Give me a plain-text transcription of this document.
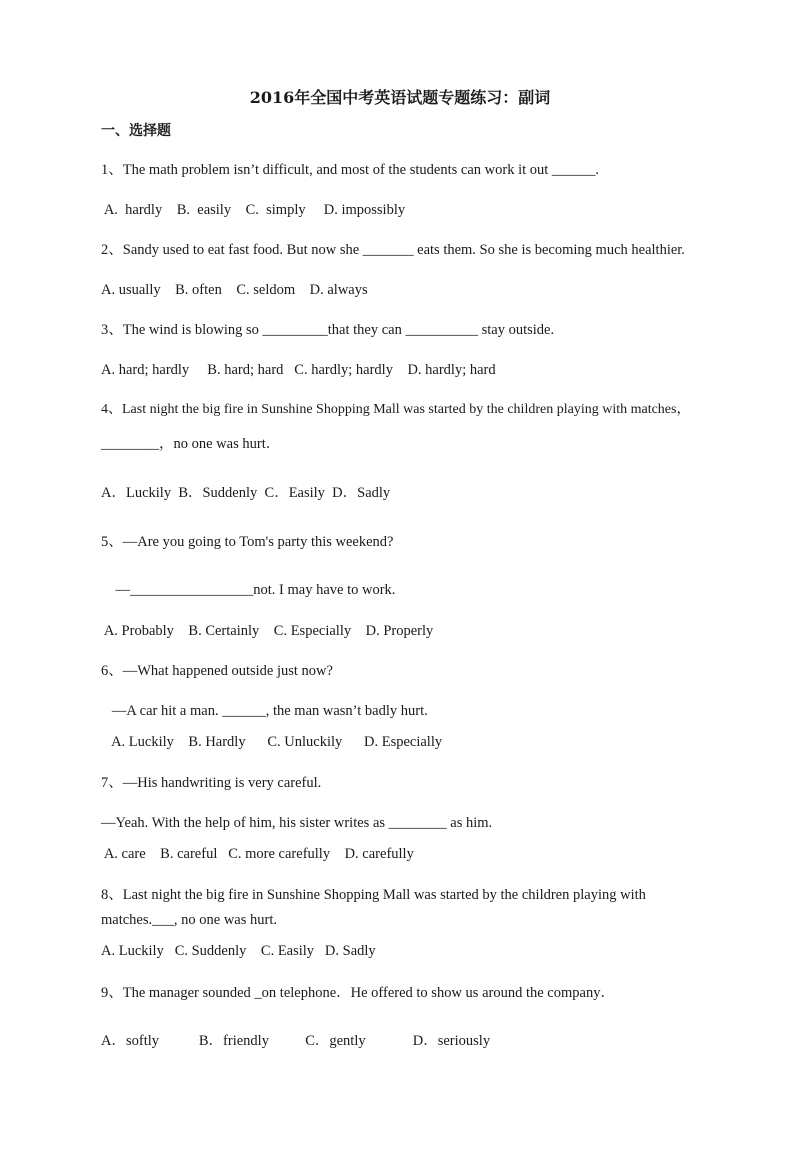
2016年全国中考英语试题专题练习：副词
一、选择题
1、The math problem isn’t difficult, and most of the students can work it out ______.
A.  hardly    B.  easily    C.  simply     D. impossibly
2、Sandy used to eat fast food. But now she _______ eats them. So she is becoming much healthier.
A. usually    B. often    C. seldom    D. always
3、The wind is blowing so _________that they can __________ stay outside.
A. hard; hardly     B. hard; hard   C. hardly; hardly    D. hardly; hard
4、Last night the big fire in Sunshine Shopping Mall was started by the children playing with matches，
________，no one was hurt．
A．Luckily  B．Suddenly  C．Easily  D．Sadly
5、—Are you going to Tom's party this weekend?
—_________________not. I may have to work.
A. Probably    B. Certainly    C. Especially    D. Properly
6、—What happened outside just now?
—A car hit a man. ______, the man wasn’t badly hurt.
A. Luckily    B. Hardly      C. Unluckily      D. Especially
7、—His handwriting is very careful.
—Yeah. With the help of him, his sister writes as ________ as him.
A. care    B. careful   C. more carefully    D. carefully
8、Last night the big fire in Sunshine Shopping Mall was started by the children playing with
matches.___, no one was hurt.
A. Luckily   C. Suddenly    C. Easily   D. Sadly
9、The manager sounded _on telephone．He offered to show us around the company．
A．softly           B．friendly          C．gently             D．seriously
